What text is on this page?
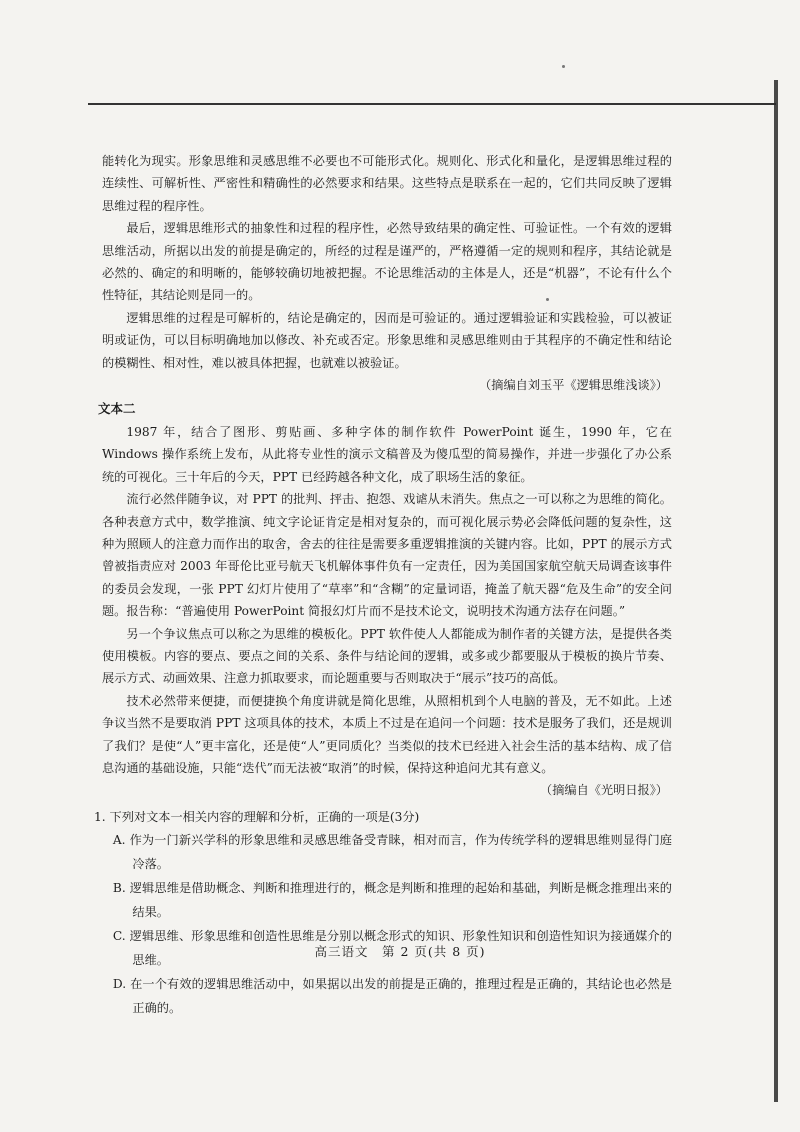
能转化为现实。形象思维和灵感思维不必要也不可能形式化。规则化、形式化和量化，是逻辑思维过程的连续性、可解析性、严密性和精确性的必然要求和结果。这些特点是联系在一起的，它们共同反映了逻辑思维过程的程序性。

最后，逻辑思维形式的抽象性和过程的程序性，必然导致结果的确定性、可验证性。一个有效的逻辑思维活动，所据以出发的前提是确定的，所经的过程是谨严的，严格遵循一定的规则和程序，其结论就是必然的、确定的和明晰的，能够较确切地被把握。不论思维活动的主体是人，还是“机器”，不论有什么个性特征，其结论则是同一的。

逻辑思维的过程是可解析的，结论是确定的，因而是可验证的。通过逻辑验证和实践检验，可以被证明或证伪，可以目标明确地加以修改、补充或否定。形象思维和灵感思维则由于其程序的不确定性和结论的模糊性、相对性，难以被具体把握，也就难以被验证。

（摘编自刘玉平《逻辑思维浅谈》）

文本二

1987 年，结合了图形、剪贴画、多种字体的制作软件 PowerPoint 诞生，1990 年，它在 Windows 操作系统上发布，从此将专业性的演示文稿普及为傻瓜型的简易操作，并进一步强化了办公系统的可视化。三十年后的今天，PPT 已经跨越各种文化，成了职场生活的象征。

流行必然伴随争议，对 PPT 的批判、抨击、抱怨、戏谑从未消失。焦点之一可以称之为思维的简化。各种表意方式中，数学推演、纯文字论证肯定是相对复杂的，而可视化展示势必会降低问题的复杂性，这种为照顾人的注意力而作出的取舍，舍去的往往是需要多重逻辑推演的关键内容。比如，PPT 的展示方式曾被指责应对 2003 年哥伦比亚号航天飞机解体事件负有一定责任，因为美国国家航空航天局调查该事件的委员会发现，一张 PPT 幻灯片使用了“草率”和“含糊”的定量词语，掩盖了航天器“危及生命”的安全问题。报告称：“普遍使用 PowerPoint 简报幻灯片而不是技术论文，说明技术沟通方法存在问题。”

另一个争议焦点可以称之为思维的模板化。PPT 软件使人人都能成为制作者的关键方法，是提供各类使用模板。内容的要点、要点之间的关系、条件与结论间的逻辑，或多或少都要服从于模板的换片节奏、展示方式、动画效果、注意力抓取要求，而论题重要与否则取决于“展示”技巧的高低。

技术必然带来便捷，而便捷换个角度讲就是简化思维，从照相机到个人电脑的普及，无不如此。上述争议当然不是要取消 PPT 这项具体的技术，本质上不过是在追问一个问题：技术是服务了我们，还是规训了我们？是使“人”更丰富化，还是使“人”更同质化？当类似的技术已经进入社会生活的基本结构、成了信息沟通的基础设施，只能“迭代”而无法被“取消”的时候，保持这种追问尤其有意义。

（摘编自《光明日报》）

1. 下列对文本一相关内容的理解和分析，正确的一项是(3分)

A. 作为一门新兴学科的形象思维和灵感思维备受青睐，相对而言，作为传统学科的逻辑思维则显得门庭冷落。

B. 逻辑思维是借助概念、判断和推理进行的，概念是判断和推理的起始和基础，判断是概念推理出来的结果。

C. 逻辑思维、形象思维和创造性思维是分别以概念形式的知识、形象性知识和创造性知识为接通媒介的思维。

D. 在一个有效的逻辑思维活动中，如果据以出发的前提是正确的，推理过程是正确的，其结论也必然是正确的。

高三语文　第 2 页(共 8 页)
